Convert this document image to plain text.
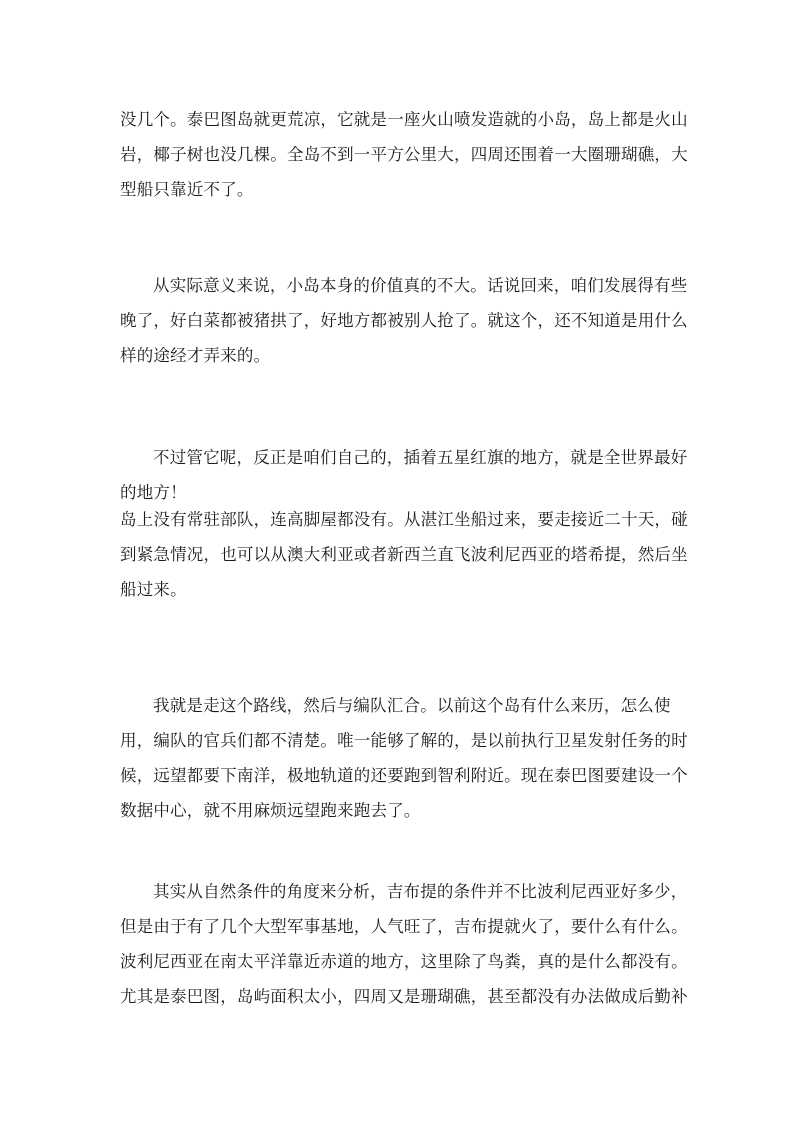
没几个。泰巴图岛就更荒凉，它就是一座火山喷发造就的小岛，岛上都是火山
岩，椰子树也没几棵。全岛不到一平方公里大，四周还围着一大圈珊瑚礁，大
型船只靠近不了。
从实际意义来说，小岛本身的价值真的不大。话说回来，咱们发展得有些
晚了，好白菜都被猪拱了，好地方都被别人抢了。就这个，还不知道是用什么
样的途经才弄来的。
不过管它呢，反正是咱们自己的，插着五星红旗的地方，就是全世界最好
的地方！
岛上没有常驻部队，连高脚屋都没有。从湛江坐船过来，要走接近二十天，碰
到紧急情况，也可以从澳大利亚或者新西兰直飞波利尼西亚的塔希提，然后坐
船过来。
我就是走这个路线，然后与编队汇合。以前这个岛有什么来历，怎么使
用，编队的官兵们都不清楚。唯一能够了解的，是以前执行卫星发射任务的时
候，远望都要下南洋，极地轨道的还要跑到智利附近。现在泰巴图要建设一个
数据中心，就不用麻烦远望跑来跑去了。
其实从自然条件的角度来分析，吉布提的条件并不比波利尼西亚好多少，
但是由于有了几个大型军事基地，人气旺了，吉布提就火了，要什么有什么。
波利尼西亚在南太平洋靠近赤道的地方，这里除了鸟粪，真的是什么都没有。
尤其是泰巴图，岛屿面积太小，四周又是珊瑚礁，甚至都没有办法做成后勤补
